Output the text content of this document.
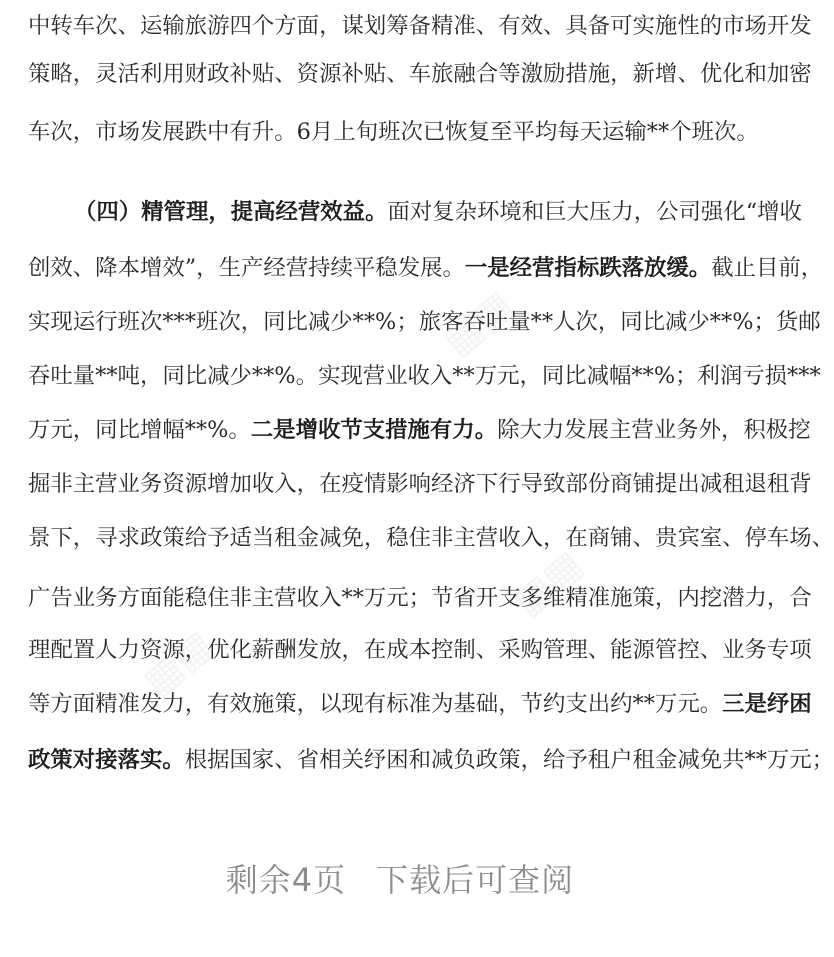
中转车次、运输旅游四个方面，谋划筹备精准、有效、具备可实施性的市场开发
策略，灵活利用财政补贴、资源补贴、车旅融合等激励措施，新增、优化和加密
车次，市场发展跌中有升。6月上旬班次已恢复至平均每天运输**个班次。
（四）精管理，提高经营效益。面对复杂环境和巨大压力，公司强化“增收
创效、降本增效”，生产经营持续平稳发展。一是经营指标跌落放缓。截止目前，
实现运行班次***班次，同比减少**%；旅客吞吐量**人次，同比减少**%；货邮
吞吐量**吨，同比减少**%。实现营业收入**万元，同比减幅**%；利润亏损***
万元，同比增幅**%。二是增收节支措施有力。除大力发展主营业务外，积极挖
掘非主营业务资源增加收入，在疫情影响经济下行导致部份商铺提出减租退租背
景下，寻求政策给予适当租金减免，稳住非主营收入，在商铺、贵宾室、停车场、
广告业务方面能稳住非主营收入**万元；节省开支多维精准施策，内挖潜力，合
理配置人力资源，优化薪酬发放，在成本控制、采购管理、能源管控、业务专项
等方面精准发力，有效施策，以现有标准为基础，节约支出约**万元。三是纾困
政策对接落实。根据国家、省相关纾困和减负政策，给予租户租金减免共**万元；
剩余4页 下载后可查阅
